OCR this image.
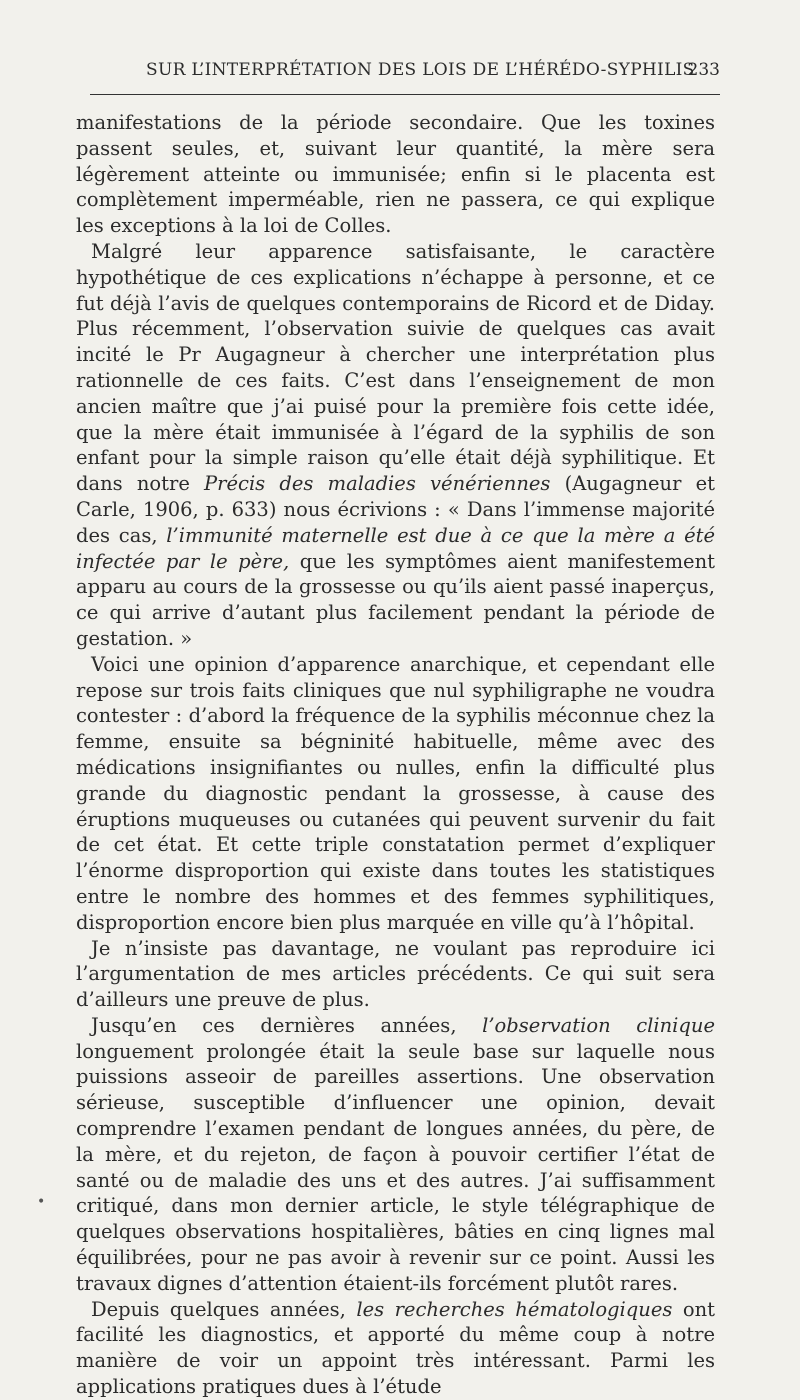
SUR L’INTERPRÉTATION DES LOIS DE L’HÉRÉDO-SYPHILIS
233

manifestations de la période secondaire. Que les toxines passent seules, et, suivant leur quantité, la mère sera légèrement atteinte ou immunisée; enfin si le placenta est complètement imperméable, rien ne passera, ce qui explique les exceptions à la loi de Colles.

Malgré leur apparence satisfaisante, le caractère hypothétique de ces explications n’échappe à personne, et ce fut déjà l’avis de quelques contemporains de Ricord et de Diday. Plus récemment, l’observation suivie de quelques cas avait incité le Pr Augagneur à chercher une interprétation plus rationnelle de ces faits. C’est dans l’enseignement de mon ancien maître que j’ai puisé pour la première fois cette idée, que la mère était immunisée à l’égard de la syphilis de son enfant pour la simple raison qu’elle était déjà syphilitique. Et dans notre Précis des maladies vénériennes (Augagneur et Carle, 1906, p. 633) nous écrivions : « Dans l’immense majorité des cas, l’immunité maternelle est due à ce que la mère a été infectée par le père, que les symptômes aient manifestement apparu au cours de la grossesse ou qu’ils aient passé inaperçus, ce qui arrive d’autant plus facilement pendant la période de gestation. »

Voici une opinion d’apparence anarchique, et cependant elle repose sur trois faits cliniques que nul syphiligraphe ne voudra contester : d’abord la fréquence de la syphilis méconnue chez la femme, ensuite sa bégninité habituelle, même avec des médications insignifiantes ou nulles, enfin la difficulté plus grande du diagnostic pendant la grossesse, à cause des éruptions muqueuses ou cutanées qui peuvent survenir du fait de cet état. Et cette triple constatation permet d’expliquer l’énorme disproportion qui existe dans toutes les statistiques entre le nombre des hommes et des femmes syphilitiques, disproportion encore bien plus marquée en ville qu’à l’hôpital.

Je n’insiste pas davantage, ne voulant pas reproduire ici l’argumentation de mes articles précédents. Ce qui suit sera d’ailleurs une preuve de plus.

Jusqu’en ces dernières années, l’observation clinique longuement prolongée était la seule base sur laquelle nous puissions asseoir de pareilles assertions. Une observation sérieuse, susceptible d’influencer une opinion, devait comprendre l’examen pendant de longues années, du père, de la mère, et du rejeton, de façon à pouvoir certifier l’état de santé ou de maladie des uns et des autres. J’ai suffisamment critiqué, dans mon dernier article, le style télégraphique de quelques observations hospitalières, bâties en cinq lignes mal équilibrées, pour ne pas avoir à revenir sur ce point. Aussi les travaux dignes d’attention étaient-ils forcément plutôt rares.

Depuis quelques années, les recherches hématologiques ont facilité les diagnostics, et apporté du même coup à notre manière de voir un appoint très intéressant. Parmi les applications pratiques dues à l’étude

•
